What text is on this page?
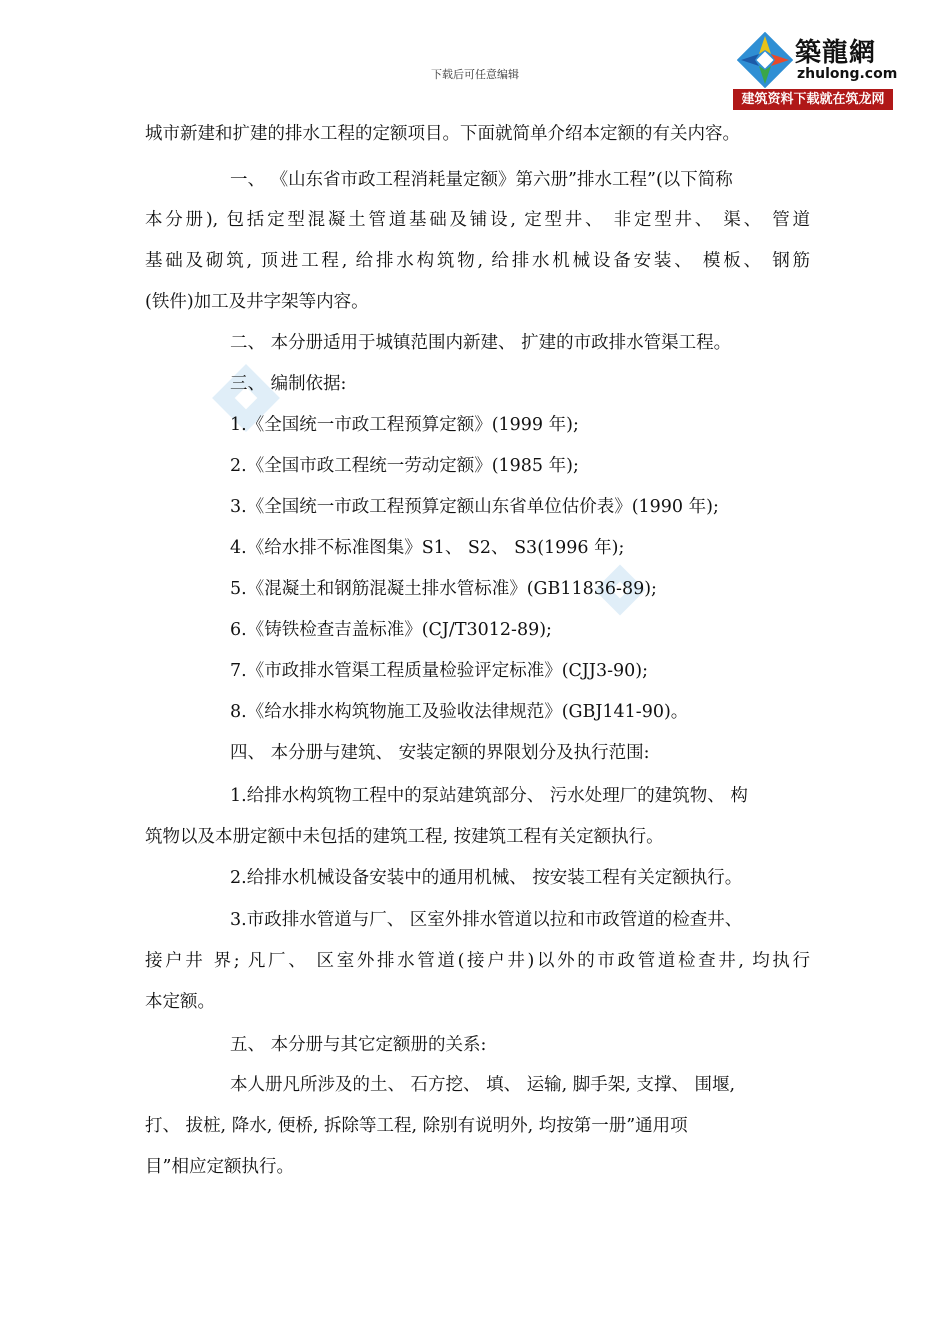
下载后可任意编辑
築龍網
zhulong.com
建筑资料下载就在筑龙网
城市新建和扩建的排水工程的定额项目。下面就简单介绍本定额的有关内容。
一、 《山东省市政工程消耗量定额》第六册”排水工程”(以下简称
本分册), 包括定型混凝土管道基础及铺设, 定型井、 非定型井、 渠、 管道
基础及砌筑, 顶进工程, 给排水构筑物, 给排水机械设备安装、 模板、 钢筋
(铁件)加工及井字架等内容。
二、 本分册适用于城镇范围内新建、 扩建的市政排水管渠工程。
三、 编制依据:
1.《全国统一市政工程预算定额》(1999 年);
2.《全国市政工程统一劳动定额》(1985 年);
3.《全国统一市政工程预算定额山东省单位估价表》(1990 年);
4.《给水排不标准图集》S1、 S2、 S3(1996 年);
5.《混凝土和钢筋混凝土排水管标准》(GB11836-89);
6.《铸铁检查吉盖标准》(CJ/T3012-89);
7.《市政排水管渠工程质量检验评定标准》(CJJ3-90);
8.《给水排水构筑物施工及验收法律规范》(GBJ141-90)。
四、 本分册与建筑、 安装定额的界限划分及执行范围:
1.给排水构筑物工程中的泵站建筑部分、 污水处理厂的建筑物、 构
筑物以及本册定额中未包括的建筑工程, 按建筑工程有关定额执行。
2.给排水机械设备安装中的通用机械、 按安装工程有关定额执行。
3.市政排水管道与厂、 区室外排水管道以拉和市政管道的检查井、
接户井 界; 凡厂、 区室外排水管道(接户井)以外的市政管道检查井, 均执行
本定额。
五、 本分册与其它定额册的关系:
本人册凡所涉及的土、 石方挖、 填、 运输, 脚手架, 支撑、 围堰,
打、 拔桩, 降水, 便桥, 拆除等工程, 除别有说明外, 均按第一册”通用项
目”相应定额执行。
